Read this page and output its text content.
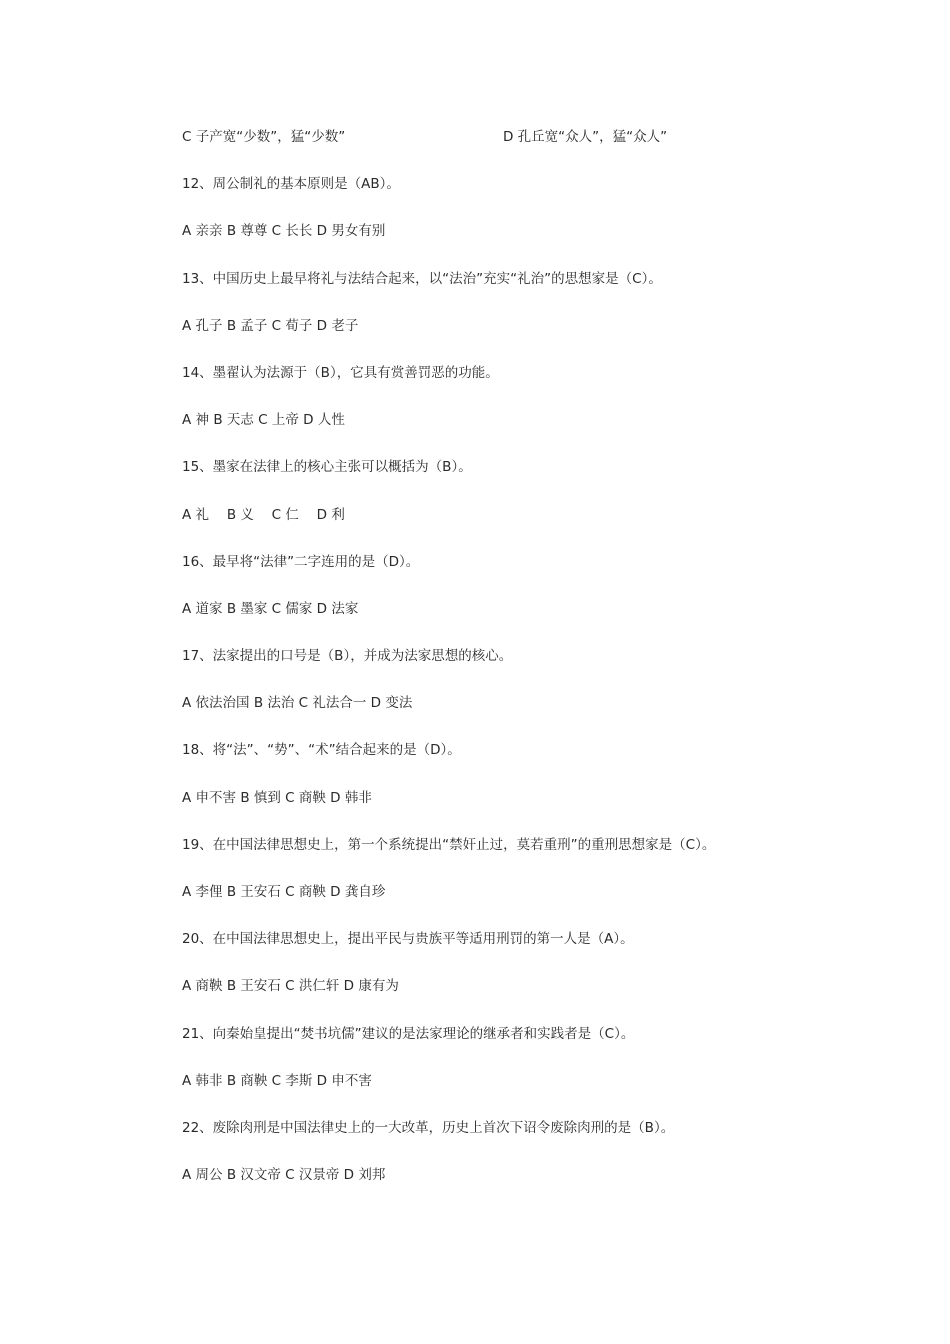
C 子产宽“少数”，猛“少数”	D 孔丘宽“众人”，猛“众人”
12、周公制礼的基本原则是（AB）。
A 亲亲 B 尊尊 C 长长 D 男女有别
13、中国历史上最早将礼与法结合起来，以“法治”充实“礼治”的思想家是（C）。
A 孔子 B 孟子 C 荀子 D 老子
14、墨翟认为法源于（B），它具有赏善罚恶的功能。
A 神 B 天志 C 上帝 D 人性
15、墨家在法律上的核心主张可以概括为（B）。
A 礼　 B 义　 C 仁　 D 利
16、最早将“法律”二字连用的是（D）。
A 道家 B 墨家 C 儒家 D 法家
17、法家提出的口号是（B），并成为法家思想的核心。
A 依法治国 B 法治 C 礼法合一 D 变法
18、将“法”、“势”、“术”结合起来的是（D）。
A 申不害 B 慎到 C 商鞅 D 韩非
19、在中国法律思想史上，第一个系统提出“禁奸止过，莫若重刑”的重刑思想家是（C）。
A 李俚 B 王安石 C 商鞅 D 龚自珍
20、在中国法律思想史上，提出平民与贵族平等适用刑罚的第一人是（A）。
A 商鞅 B 王安石 C 洪仁轩 D 康有为
21、向秦始皇提出“焚书坑儒”建议的是法家理论的继承者和实践者是（C）。
A 韩非 B 商鞅 C 李斯 D 申不害
22、废除肉刑是中国法律史上的一大改革，历史上首次下诏令废除肉刑的是（B）。
A 周公 B 汉文帝 C 汉景帝 D 刘邦
